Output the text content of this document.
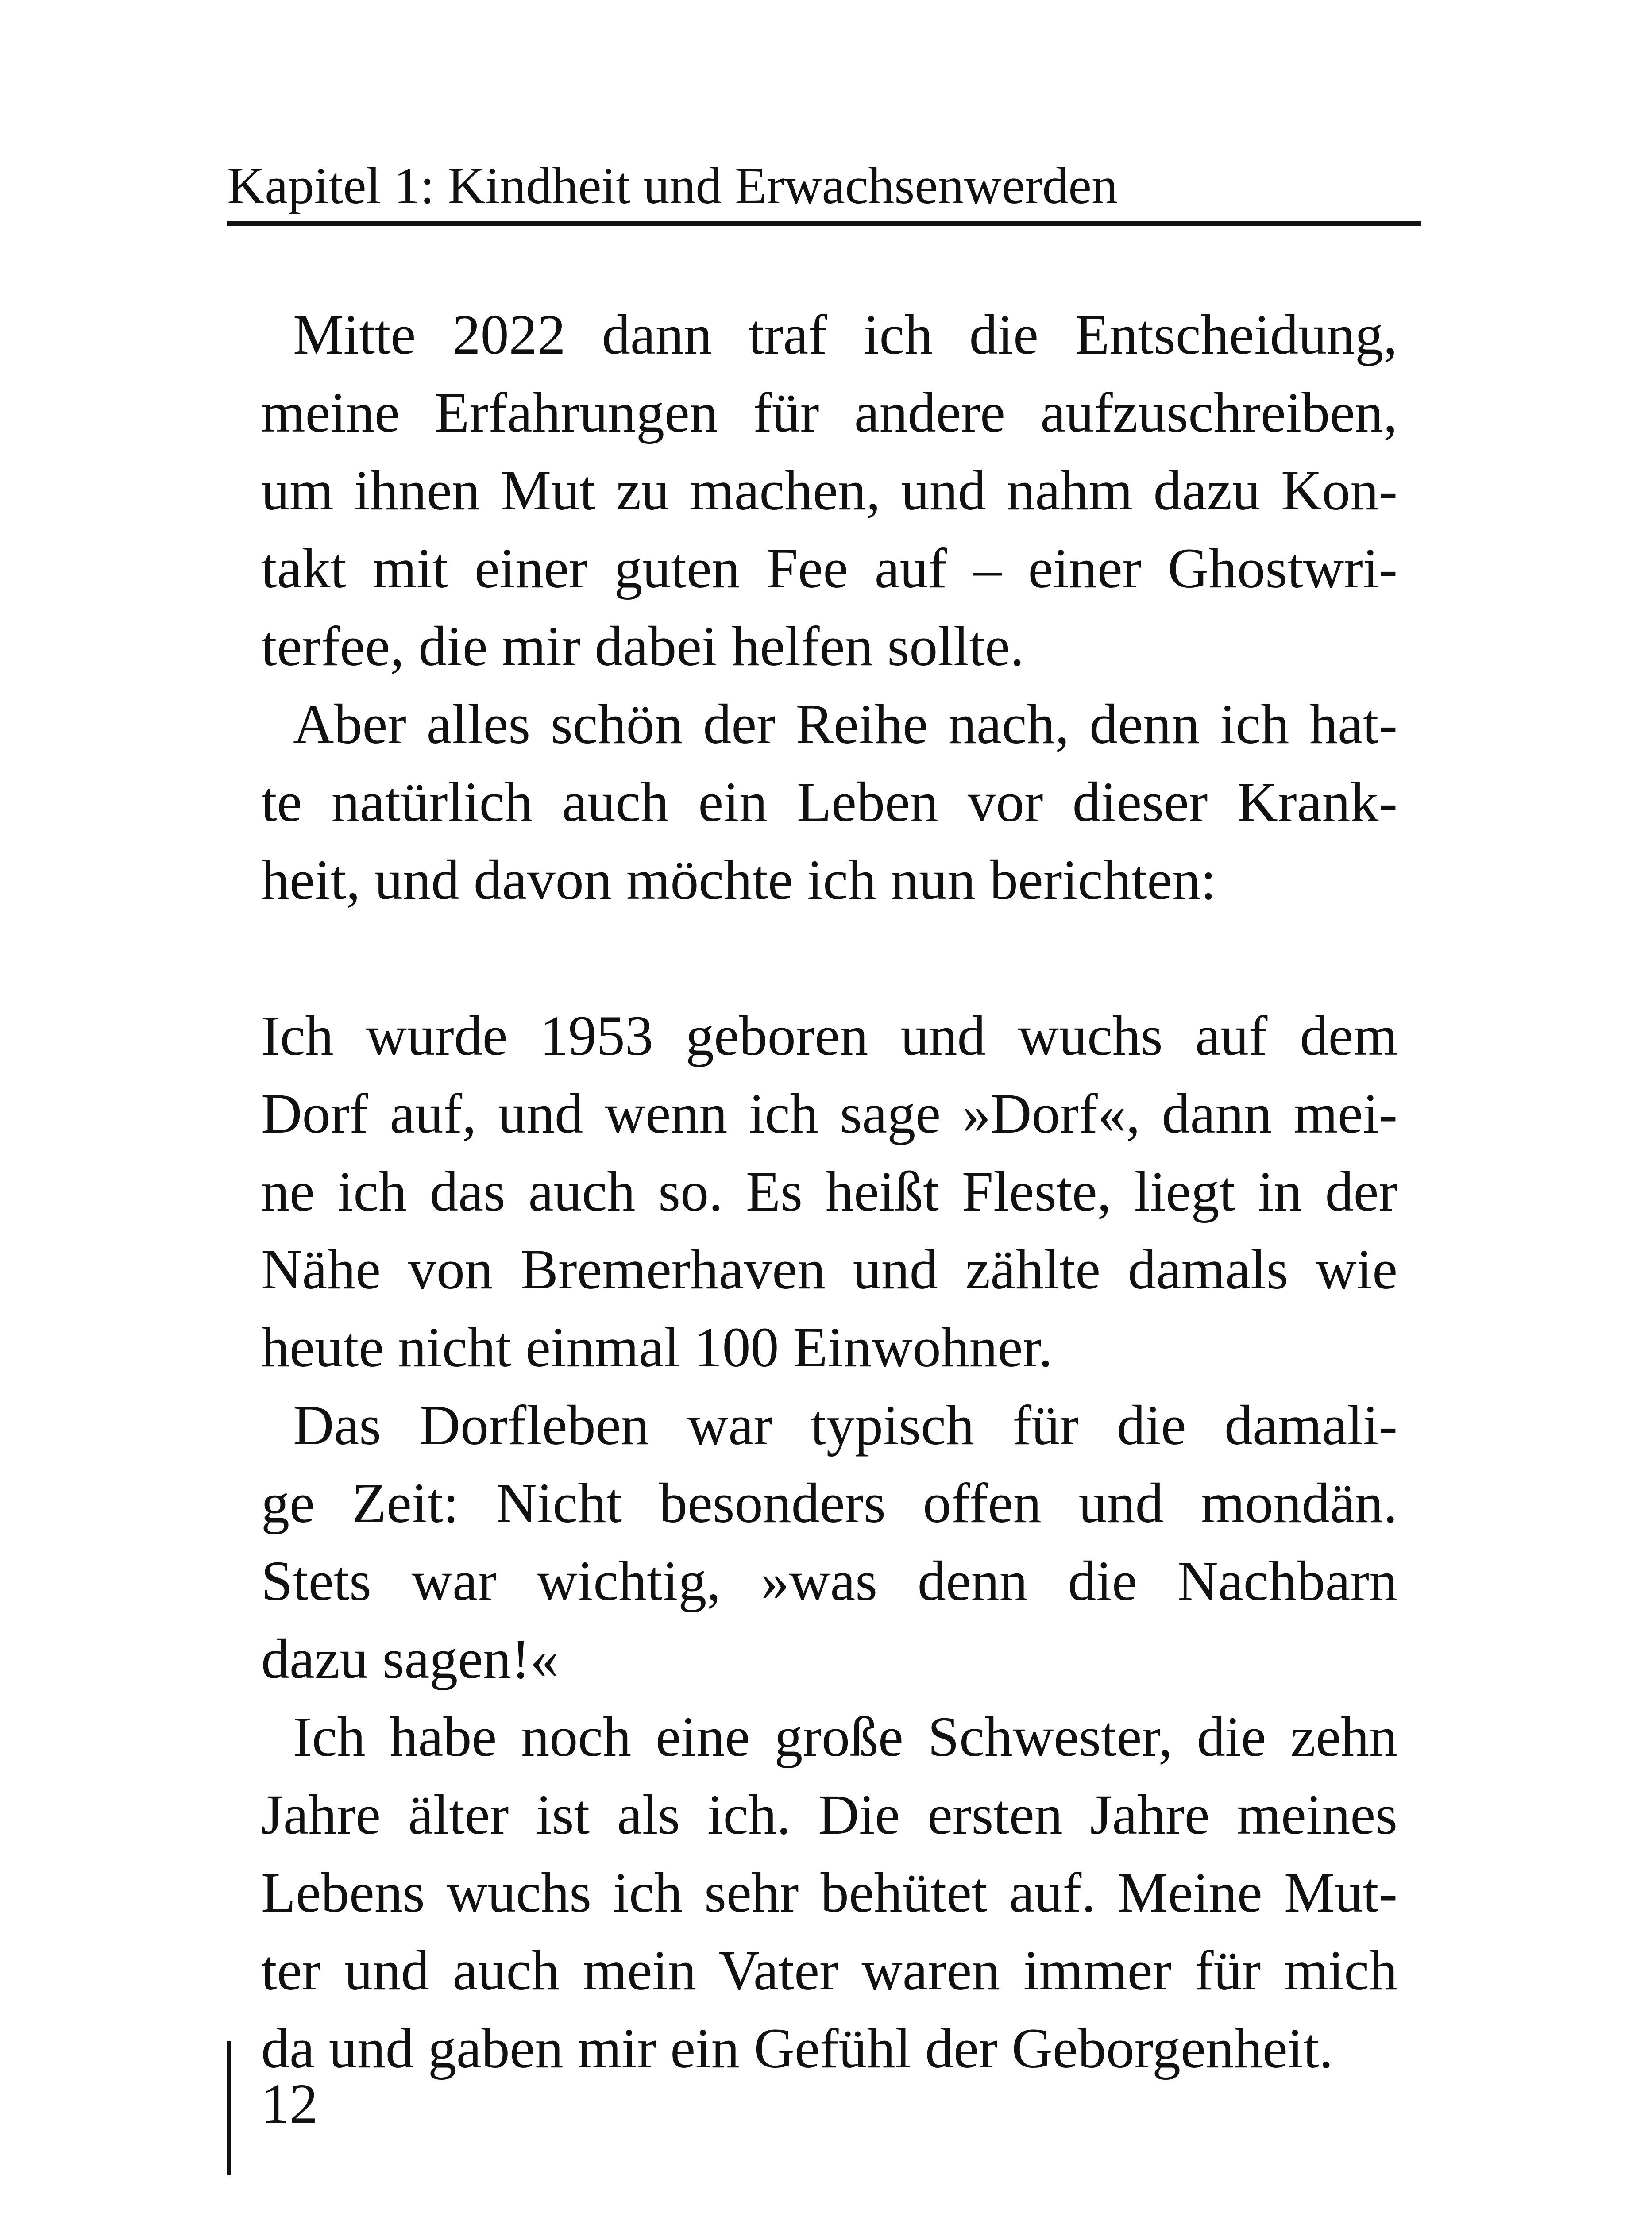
Kapitel 1: Kindheit und Erwachsenwerden
Mitte 2022 dann traf ich die Entscheidung,
meine Erfahrungen für andere aufzuschreiben,
um ihnen Mut zu machen, und nahm dazu Kon-
takt mit einer guten Fee auf – einer Ghostwri-
terfee, die mir dabei helfen sollte.
Aber alles schön der Reihe nach, denn ich hat-
te natürlich auch ein Leben vor dieser Krank-
heit, und davon möchte ich nun berichten:
Ich wurde 1953 geboren und wuchs auf dem
Dorf auf, und wenn ich sage »Dorf«, dann mei-
ne ich das auch so. Es heißt Fleste, liegt in der
Nähe von Bremerhaven und zählte damals wie
heute nicht einmal 100 Einwohner.
Das Dorfleben war typisch für die damali-
ge Zeit: Nicht besonders offen und mondän.
Stets war wichtig, »was denn die Nachbarn
dazu sagen!«
Ich habe noch eine große Schwester, die zehn
Jahre älter ist als ich. Die ersten Jahre meines
Lebens wuchs ich sehr behütet auf. Meine Mut-
ter und auch mein Vater waren immer für mich
da und gaben mir ein Gefühl der Geborgenheit.
12
